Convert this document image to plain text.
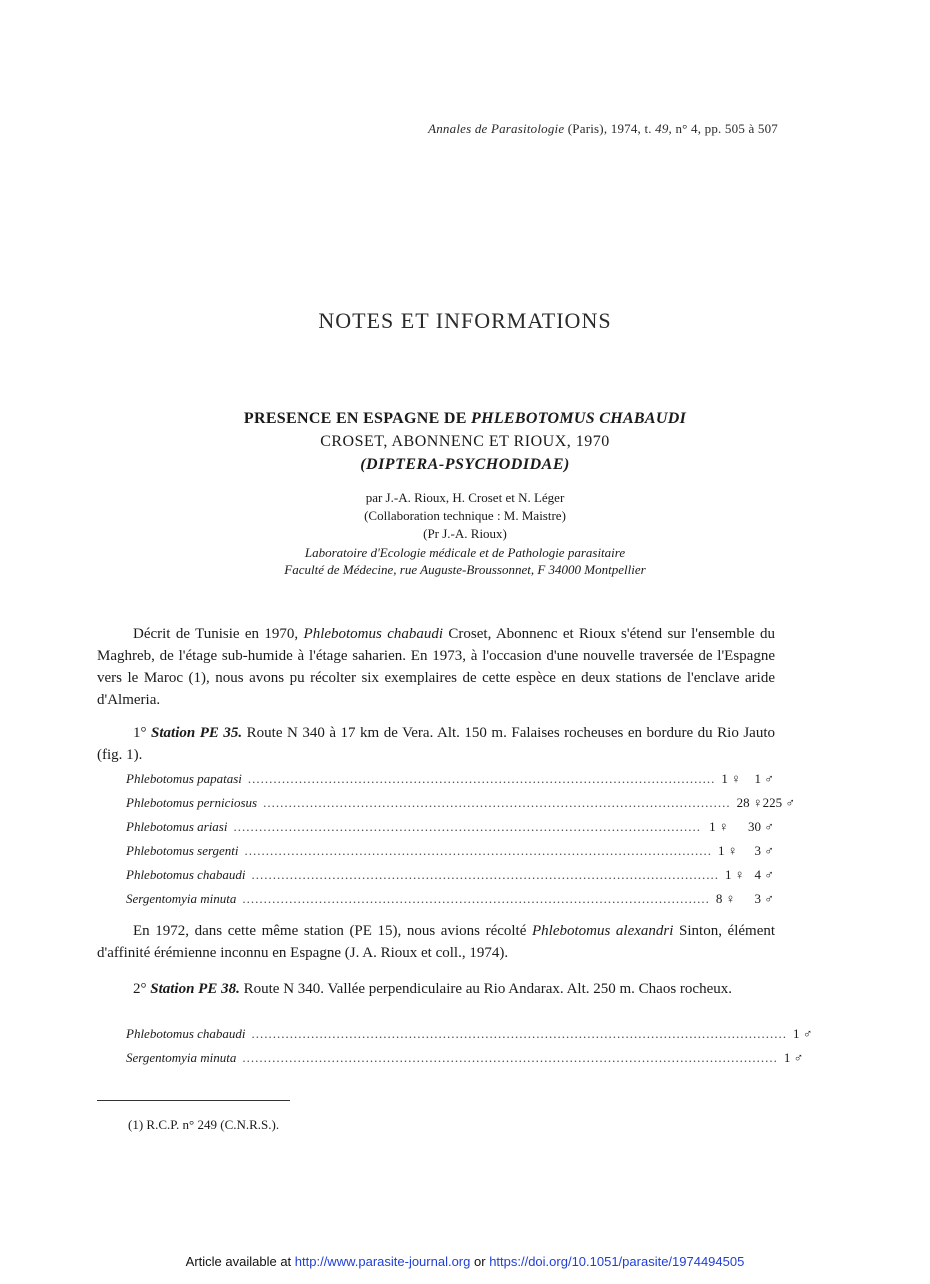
Annales de Parasitologie (Paris), 1974, t. 49, n° 4, pp. 505 à 507
NOTES ET INFORMATIONS
PRESENCE EN ESPAGNE DE PHLEBOTOMUS CHABAUDI
CROSET, ABONNENC ET RIOUX, 1970
(DIPTERA-PSYCHODIDAE)
par J.-A. Rioux, H. Croset et N. Léger
(Collaboration technique : M. Maistre)
(Pr J.-A. Rioux)
Laboratoire d'Ecologie médicale et de Pathologie parasitaire
Faculté de Médecine, rue Auguste-Broussonnet, F 34000 Montpellier
Décrit de Tunisie en 1970, Phlebotomus chabaudi Croset, Abonnenc et Rioux s'étend sur l'ensemble du Maghreb, de l'étage sub-humide à l'étage saharien. En 1973, à l'occasion d'une nouvelle traversée de l'Espagne vers le Maroc (1), nous avons pu récolter six exemplaires de cette espèce en deux stations de l'enclave aride d'Almeria.
1° Station PE 35. Route N 340 à 17 km de Vera. Alt. 150 m. Falaises rocheuses en bordure du Rio Jauto (fig. 1).
Phlebotomus papatasi .............................................................................................................. 1 ♀	1 ♂
Phlebotomus perniciosus .............................................................................................................. 28 ♀ 225 ♂
Phlebotomus ariasi .............................................................................................................. 1 ♀	30 ♂
Phlebotomus sergenti .............................................................................................................. 1 ♀	3 ♂
Phlebotomus chabaudi .............................................................................................................. 1 ♀ 4 ♂
Sergentomyia minuta .............................................................................................................. 8 ♀	3 ♂
En 1972, dans cette même station (PE 15), nous avions récolté Phlebotomus alexandri Sinton, élément d'affinité érémienne inconnu en Espagne (J. A. Rioux et coll., 1974).
2° Station PE 38. Route N 340. Vallée perpendiculaire au Rio Andarax. Alt. 250 m. Chaos rocheux.
Phlebotomus chabaudi .............................................................................................................................. 1 ♂
Sergentomyia minuta .............................................................................................................................. 1 ♂
(1) R.C.P. n° 249 (C.N.R.S.).
Article available at http://www.parasite-journal.org or https://doi.org/10.1051/parasite/1974494505
